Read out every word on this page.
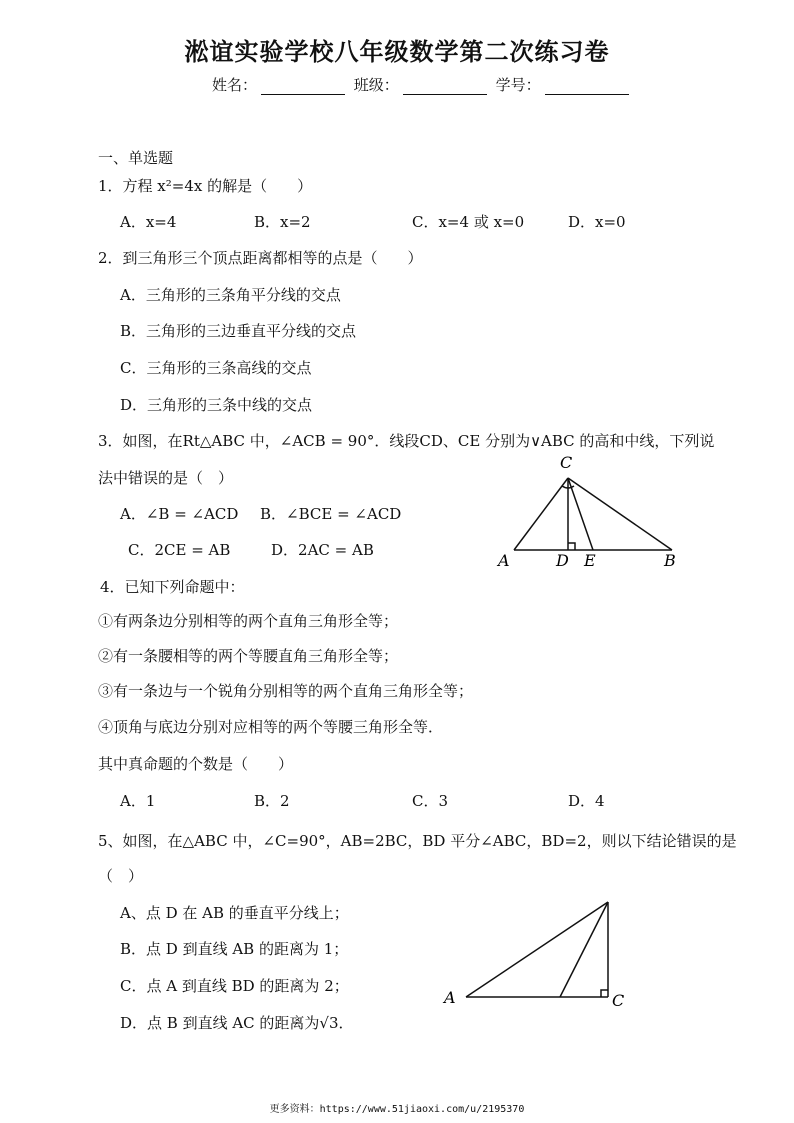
淞谊实验学校八年级数学第二次练习卷
姓名：	班级：	学号：
一、单选题
1．方程 x²=4x 的解是（　　）
A．x=4	B．x=2	C．x=4 或 x=0	D．x=0
2．到三角形三个顶点距离都相等的点是（　　）
A．三角形的三条角平分线的交点
B．三角形的三边垂直平分线的交点
C．三角形的三条高线的交点
D．三角形的三条中线的交点
3．如图，在Rt△ABC 中，∠ACB = 90°．线段CD、CE 分别为∨ABC 的高和中线，下列说
法中错误的是（　）
A．∠B = ∠ACD B．∠BCE = ∠ACD
C．2CE = AB	D．2AC = AB
C
A	D E	B
4．已知下列命题中：
①有两条边分别相等的两个直角三角形全等；
②有一条腰相等的两个等腰直角三角形全等；
③有一条边与一个锐角分别相等的两个直角三角形全等；
④顶角与底边分别对应相等的两个等腰三角形全等．
其中真命题的个数是（　　）
A．1	B．2	C．3	D．4
5、如图，在△ABC 中，∠C=90°，AB=2BC，BD 平分∠ABC，BD=2，则以下结论错误的是
（　）
A、点 D 在 AB 的垂直平分线上；
B．点 D 到直线 AB 的距离为 1；
C．点 A 到直线 BD 的距离为 2；
D．点 B 到直线 AC 的距离为√3．
A	C
更多资料：https://www.51jiaoxi.com/u/2195370
